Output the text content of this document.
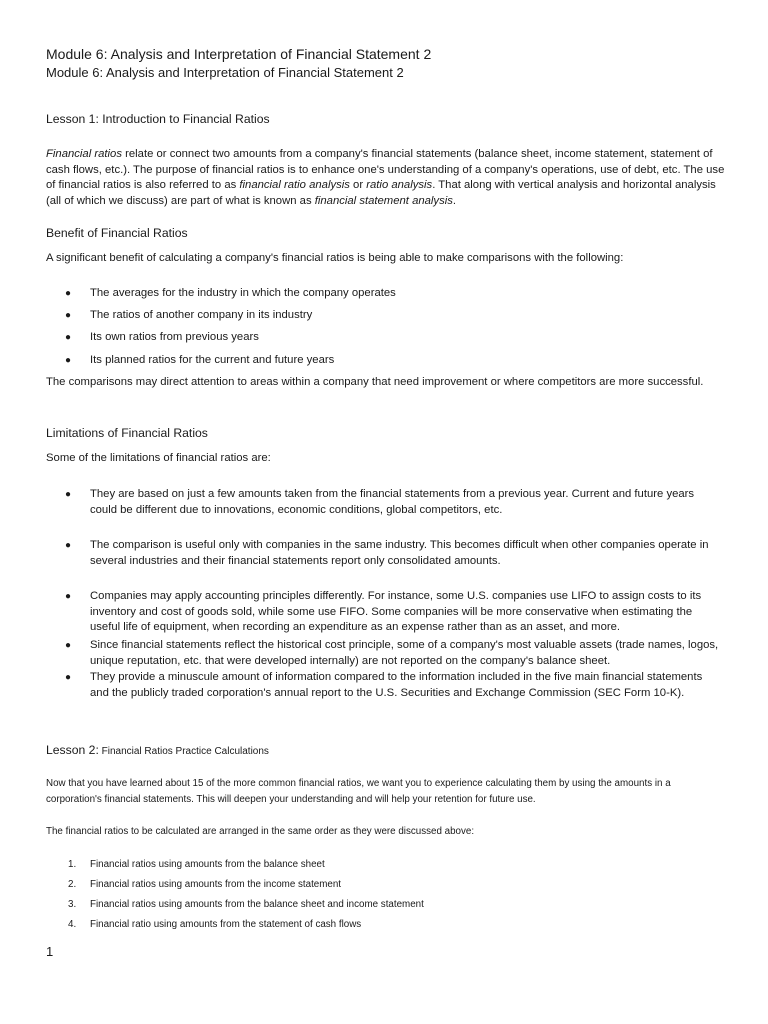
Module 6: Analysis and Interpretation of Financial Statement 2
Module 6: Analysis and Interpretation of Financial Statement 2
Lesson 1: Introduction to Financial Ratios
Financial ratios relate or connect two amounts from a company's financial statements (balance sheet, income statement, statement of cash flows, etc.). The purpose of financial ratios is to enhance one's understanding of a company's operations, use of debt, etc. The use of financial ratios is also referred to as financial ratio analysis or ratio analysis. That along with vertical analysis and horizontal analysis (all of which we discuss) are part of what is known as financial statement analysis.
Benefit of Financial Ratios
A significant benefit of calculating a company's financial ratios is being able to make comparisons with the following:
● The averages for the industry in which the company operates
● The ratios of another company in its industry
● Its own ratios from previous years
● Its planned ratios for the current and future years
The comparisons may direct attention to areas within a company that need improvement or where competitors are more successful.
Limitations of Financial Ratios
Some of the limitations of financial ratios are:
● They are based on just a few amounts taken from the financial statements from a previous year. Current and future years could be different due to innovations, economic conditions, global competitors, etc.
● The comparison is useful only with companies in the same industry. This becomes difficult when other companies operate in several industries and their financial statements report only consolidated amounts.
● Companies may apply accounting principles differently. For instance, some U.S. companies use LIFO to assign costs to its inventory and cost of goods sold, while some use FIFO. Some companies will be more conservative when estimating the useful life of equipment, when recording an expenditure as an expense rather than as an asset, and more.
● Since financial statements reflect the historical cost principle, some of a company's most valuable assets (trade names, logos, unique reputation, etc. that were developed internally) are not reported on the company's balance sheet.
● They provide a minuscule amount of information compared to the information included in the five main financial statements and the publicly traded corporation's annual report to the U.S. Securities and Exchange Commission (SEC Form 10-K).
Lesson 2: Financial Ratios Practice Calculations
Now that you have learned about 15 of the more common financial ratios, we want you to experience calculating them by using the amounts in a corporation's financial statements. This will deepen your understanding and will help your retention for future use.
The financial ratios to be calculated are arranged in the same order as they were discussed above:
1. Financial ratios using amounts from the balance sheet
2. Financial ratios using amounts from the income statement
3. Financial ratios using amounts from the balance sheet and income statement
4. Financial ratio using amounts from the statement of cash flows
1
